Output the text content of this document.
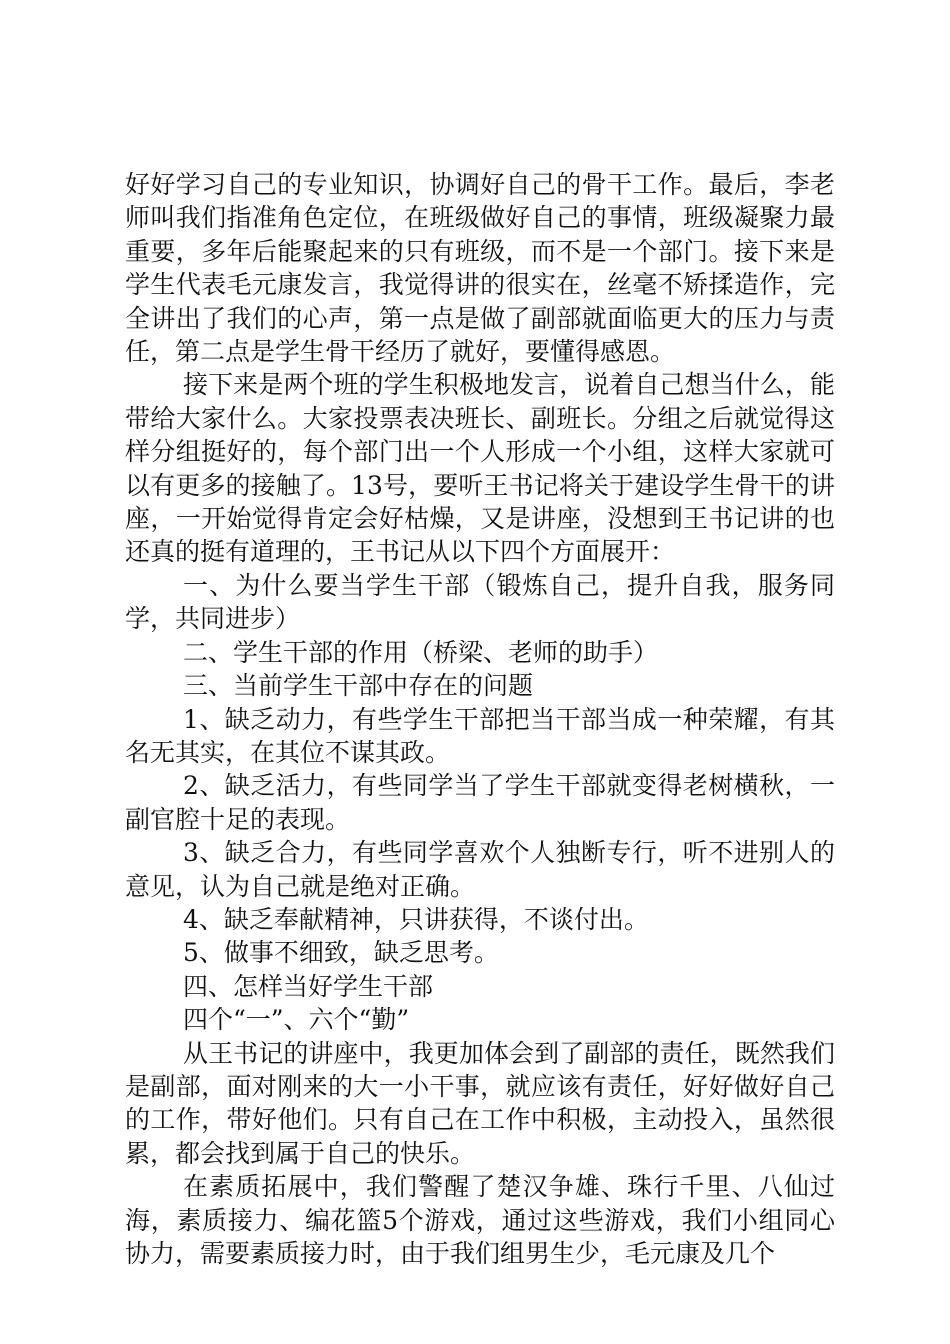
好好学习自己的专业知识，协调好自己的骨干工作。最后，李老师叫我们指准角色定位，在班级做好自己的事情，班级凝聚力最重要，多年后能聚起来的只有班级，而不是一个部门。接下来是学生代表毛元康发言，我觉得讲的很实在，丝毫不矫揉造作，完全讲出了我们的心声，第一点是做了副部就面临更大的压力与责任，第二点是学生骨干经历了就好，要懂得感恩。

接下来是两个班的学生积极地发言，说着自己想当什么，能带给大家什么。大家投票表决班长、副班长。分组之后就觉得这样分组挺好的，每个部门出一个人形成一个小组，这样大家就可以有更多的接触了。13号，要听王书记将关于建设学生骨干的讲座，一开始觉得肯定会好枯燥，又是讲座，没想到王书记讲的也还真的挺有道理的，王书记从以下四个方面展开：

一、为什么要当学生干部（锻炼自己，提升自我，服务同学，共同进步）

二、学生干部的作用（桥梁、老师的助手）

三、当前学生干部中存在的问题

1、缺乏动力，有些学生干部把当干部当成一种荣耀，有其名无其实，在其位不谋其政。

2、缺乏活力，有些同学当了学生干部就变得老树横秋，一副官腔十足的表现。

3、缺乏合力，有些同学喜欢个人独断专行，听不进别人的意见，认为自己就是绝对正确。

4、缺乏奉献精神，只讲获得，不谈付出。

5、做事不细致，缺乏思考。

四、怎样当好学生干部

四个“一”、六个“勤”

从王书记的讲座中，我更加体会到了副部的责任，既然我们是副部，面对刚来的大一小干事，就应该有责任，好好做好自己的工作，带好他们。只有自己在工作中积极，主动投入，虽然很累，都会找到属于自己的快乐。

在素质拓展中，我们警醒了楚汉争雄、珠行千里、八仙过海，素质接力、编花篮5个游戏，通过这些游戏，我们小组同心协力，需要素质接力时，由于我们组男生少，毛元康及几个
